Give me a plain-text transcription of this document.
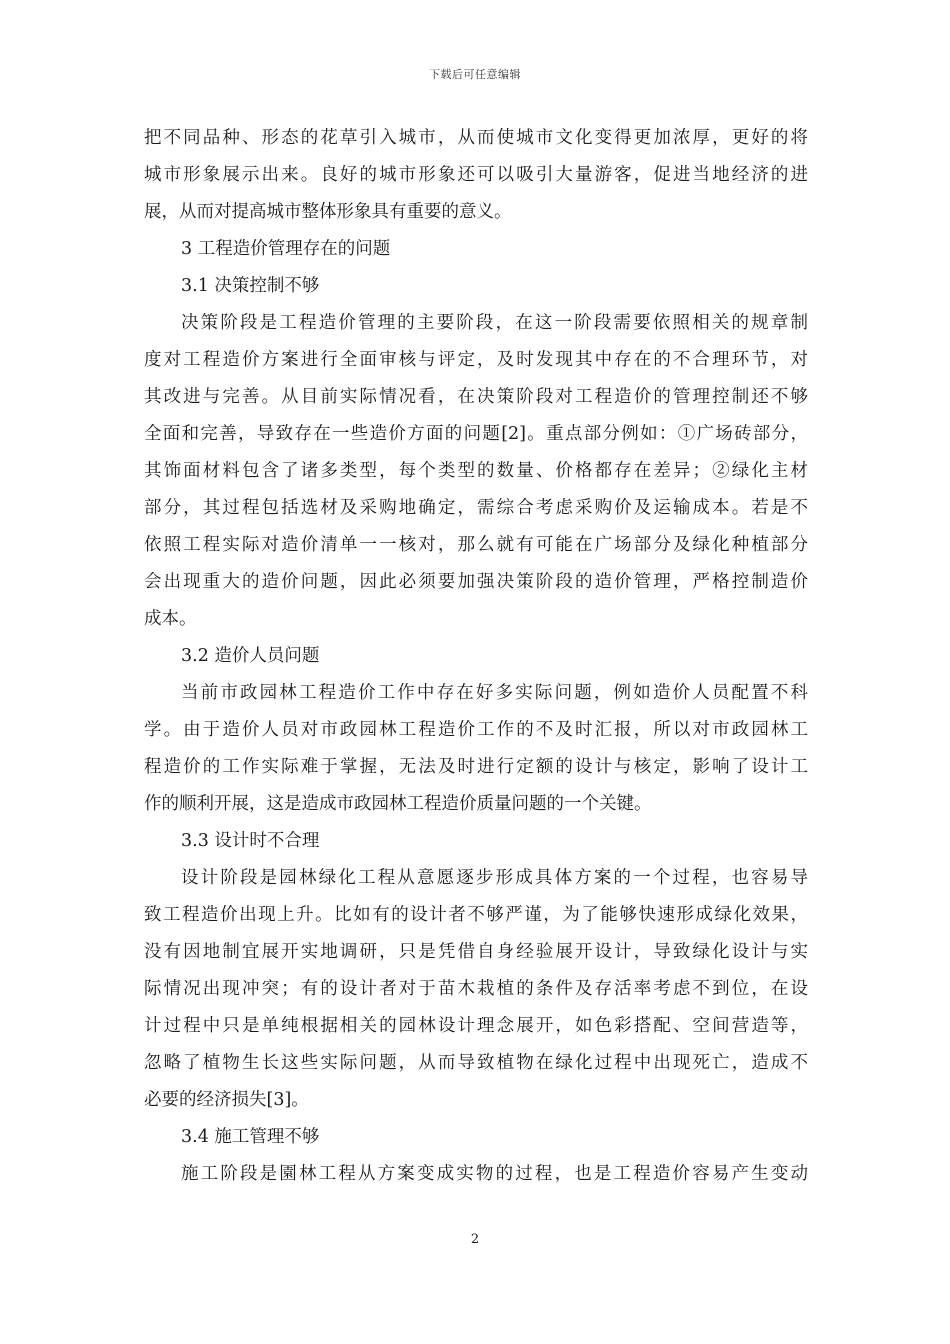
下载后可任意编辑
把不同品种、形态的花草引入城市，从而使城市文化变得更加浓厚，更好的将
城市形象展示出来。良好的城市形象还可以吸引大量游客，促进当地经济的进
展，从而对提高城市整体形象具有重要的意义。
3 工程造价管理存在的问题
3.1 决策控制不够
决策阶段是工程造价管理的主要阶段，在这一阶段需要依照相关的规章制
度对工程造价方案进行全面审核与评定，及时发现其中存在的不合理环节，对
其改进与完善。从目前实际情况看，在决策阶段对工程造价的管理控制还不够
全面和完善，导致存在一些造价方面的问题[2]。重点部分例如：①广场砖部分，
其饰面材料包含了诸多类型，每个类型的数量、价格都存在差异；②绿化主材
部分，其过程包括选材及采购地确定，需综合考虑采购价及运输成本。若是不
依照工程实际对造价清单一一核对，那么就有可能在广场部分及绿化种植部分
会出现重大的造价问题，因此必须要加强决策阶段的造价管理，严格控制造价
成本。
3.2 造价人员问题
当前市政园林工程造价工作中存在好多实际问题，例如造价人员配置不科
学。由于造价人员对市政园林工程造价工作的不及时汇报，所以对市政园林工
程造价的工作实际难于掌握，无法及时进行定额的设计与核定，影响了设计工
作的顺利开展，这是造成市政园林工程造价质量问题的一个关键。
3.3 设计时不合理
设计阶段是园林绿化工程从意愿逐步形成具体方案的一个过程，也容易导
致工程造价出现上升。比如有的设计者不够严谨，为了能够快速形成绿化效果，
没有因地制宜展开实地调研，只是凭借自身经验展开设计，导致绿化设计与实
际情况出现冲突；有的设计者对于苗木栽植的条件及存活率考虑不到位，在设
计过程中只是单纯根据相关的园林设计理念展开，如色彩搭配、空间营造等，
忽略了植物生长这些实际问题，从而导致植物在绿化过程中出现死亡，造成不
必要的经济损失[3]。
3.4 施工管理不够
施工阶段是園林工程从方案变成实物的过程，也是工程造价容易产生变动
2
